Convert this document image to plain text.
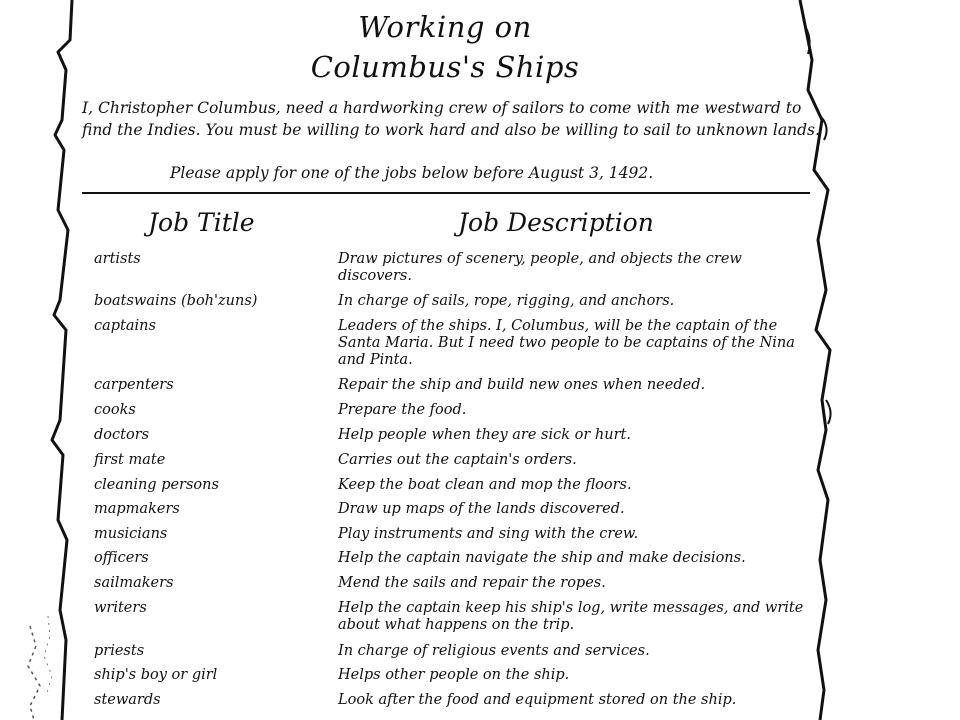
Working on
Columbus's Ships
I, Christopher Columbus, need a hardworking crew of sailors to come with me westward to find the Indies. You must be willing to work hard and also be willing to sail to unknown lands.
Please apply for one of the jobs below before August 3, 1492.
Job Title	Job Description
artists	Draw pictures of scenery, people, and objects the crew discovers.
boatswains (boh'zuns)	In charge of sails, rope, rigging, and anchors.
captains	Leaders of the ships. I, Columbus, will be the captain of the Santa Maria. But I need two people to be captains of the Nina and Pinta.
carpenters	Repair the ship and build new ones when needed.
cooks	Prepare the food.
doctors	Help people when they are sick or hurt.
first mate	Carries out the captain's orders.
cleaning persons	Keep the boat clean and mop the floors.
mapmakers	Draw up maps of the lands discovered.
musicians	Play instruments and sing with the crew.
officers	Help the captain navigate the ship and make decisions.
sailmakers	Mend the sails and repair the ropes.
writers	Help the captain keep his ship's log, write messages, and write about what happens on the trip.
priests	In charge of religious events and services.
ship's boy or girl	Helps other people on the ship.
stewards	Look after the food and equipment stored on the ship.
